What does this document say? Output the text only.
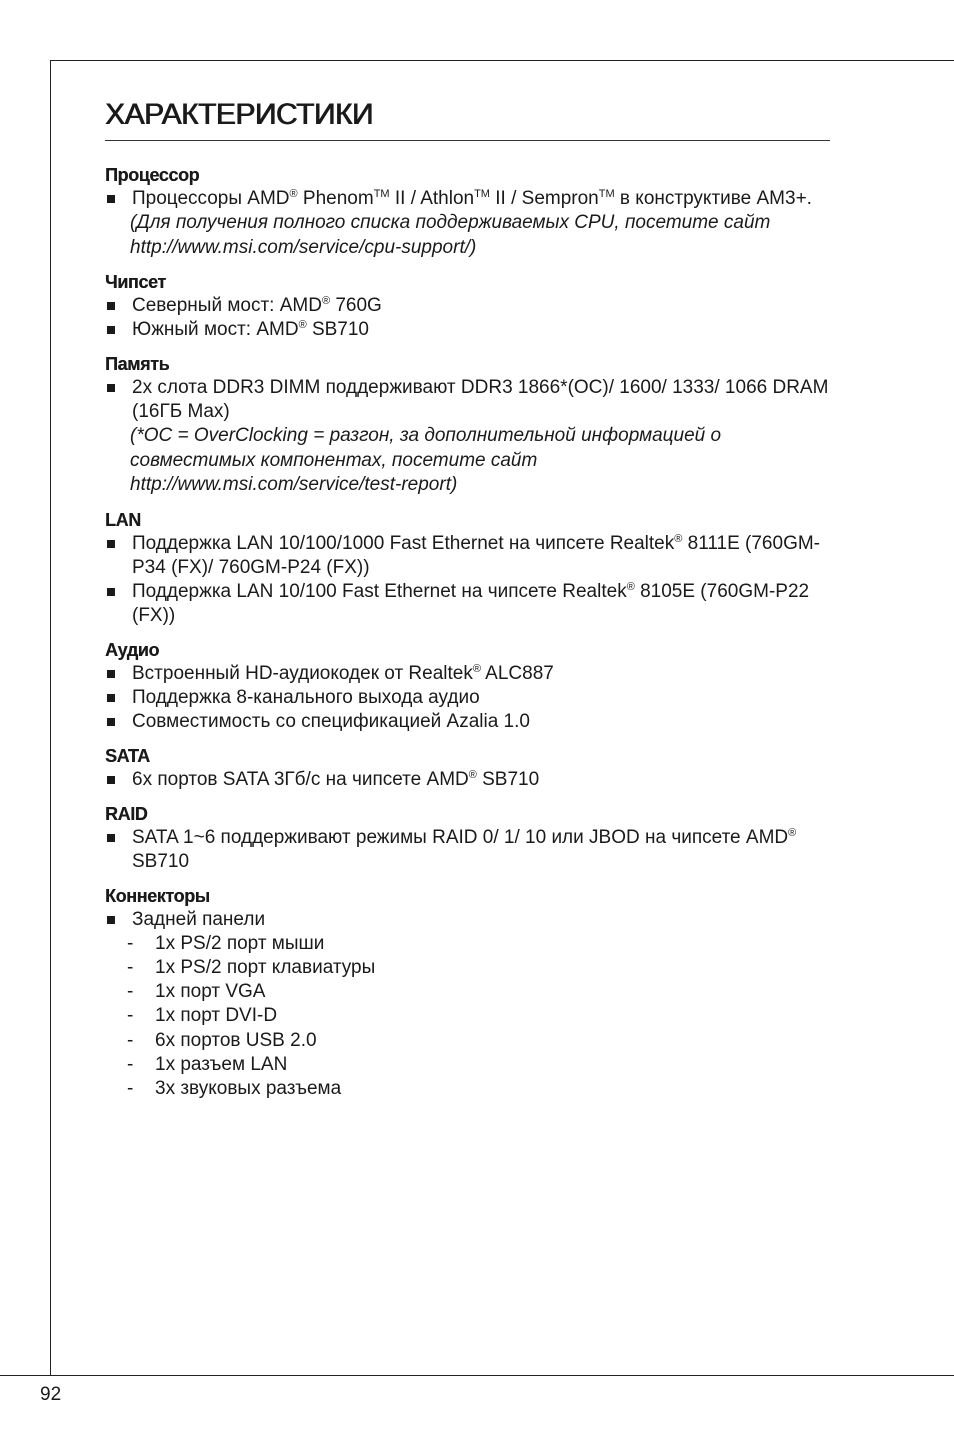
92
ХАРАКТЕРИСТИКИ
Процессор
Процессоры AMD® Phenom™ II / Athlon™ II / Sempron™ в конструктиве AM3+.
(Для получения полного списка поддерживаемых CPU, посетите сайт
http://www.msi.com/service/cpu-support/)
Чипсет
Северный мост: AMD® 760G
Южный мост: AMD® SB710
Память
2x слота DDR3 DIMM поддерживают DDR3 1866*(OC)/ 1600/ 1333/ 1066 DRAM (16ГБ Max)
(*OC = OverClocking = разгон, за дополнительной информацией о
совместимых компонентах, посетите сайт
http://www.msi.com/service/test-report)
LAN
Поддержка LAN 10/100/1000 Fast Ethernet на чипсете Realtek® 8111E (760GM-P34 (FX)/ 760GM-P24 (FX))
Поддержка LAN 10/100 Fast Ethernet на чипсете Realtek® 8105E (760GM-P22 (FX))
Аудио
Встроенный HD-аудиокодек от Realtek® ALC887
Поддержка 8-канального выхода аудио
Совместимость со спецификацией Azalia 1.0
SATA
6x портов SATA 3Гб/с на чипсете AMD® SB710
RAID
SATA 1~6 поддерживают режимы RAID 0/ 1/ 10 или JBOD на чипсете AMD® SB710
Коннекторы
Задней панели
- 1x PS/2 порт мыши
- 1x PS/2 порт клавиатуры
- 1x порт VGA
- 1x порт DVI-D
- 6x портов USB 2.0
- 1x разъем LAN
- 3x звуковых разъема
